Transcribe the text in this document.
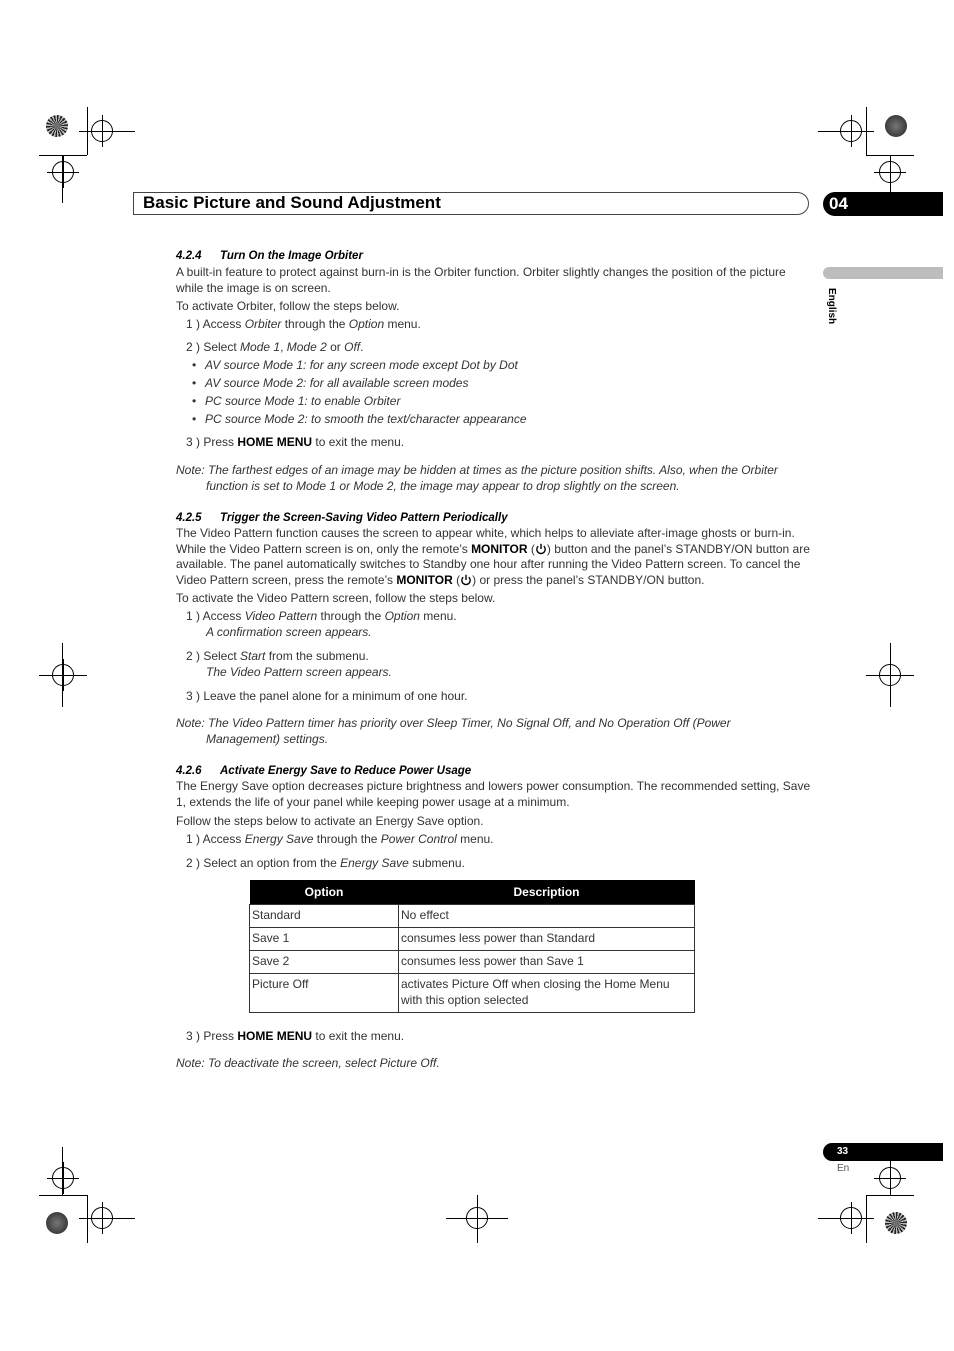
Basic Picture and Sound Adjustment	04
English
4.2.4 Turn On the Image Orbiter

A built-in feature to protect against burn-in is the Orbiter function. Orbiter slightly changes the position of the picture while the image is on screen.

To activate Orbiter, follow the steps below.

1 ) Access Orbiter through the Option menu.
2 ) Select Mode 1, Mode 2 or Off.
• AV source Mode 1: for any screen mode except Dot by Dot
• AV source Mode 2: for all available screen modes
• PC source Mode 1: to enable Orbiter
• PC source Mode 2: to smooth the text/character appearance
3 ) Press HOME MENU to exit the menu.
Note: The farthest edges of an image may be hidden at times as the picture position shifts. Also, when the Orbiter
function is set to Mode 1 or Mode 2, the image may appear to drop slightly on the screen.
4.2.5 Trigger the Screen-Saving Video Pattern Periodically

The Video Pattern function causes the screen to appear white, which helps to alleviate after-image ghosts or burn-in. While the Video Pattern screen is on, only the remote’s MONITOR ( ) button and the panel’s STANDBY/ON button are available. The panel automatically switches to Standby one hour after running the Video Pattern screen. To cancel the Video Pattern screen, press the remote’s MONITOR ( ) or press the panel’s STANDBY/ON button.

To activate the Video Pattern screen, follow the steps below.

1 ) Access Video Pattern through the Option menu.
A confirmation screen appears.
2 ) Select Start from the submenu.
The Video Pattern screen appears.
3 ) Leave the panel alone for a minimum of one hour.
Note: The Video Pattern timer has priority over Sleep Timer, No Signal Off, and No Operation Off (Power
Management) settings.
4.2.6 Activate Energy Save to Reduce Power Usage

The Energy Save option decreases picture brightness and lowers power consumption. The recommended setting, Save 1, extends the life of your panel while keeping power usage at a minimum.

Follow the steps below to activate an Energy Save option.

1 ) Access Energy Save through the Power Control menu.
2 ) Select an option from the Energy Save submenu.
Option	Description
Standard	No effect
Save 1	consumes less power than Standard
Save 2	consumes less power than Save 1
Picture Off	activates Picture Off when closing the Home Menu with this option selected
3 ) Press HOME MENU to exit the menu.
Note: To deactivate the screen, select Picture Off.
33
En
